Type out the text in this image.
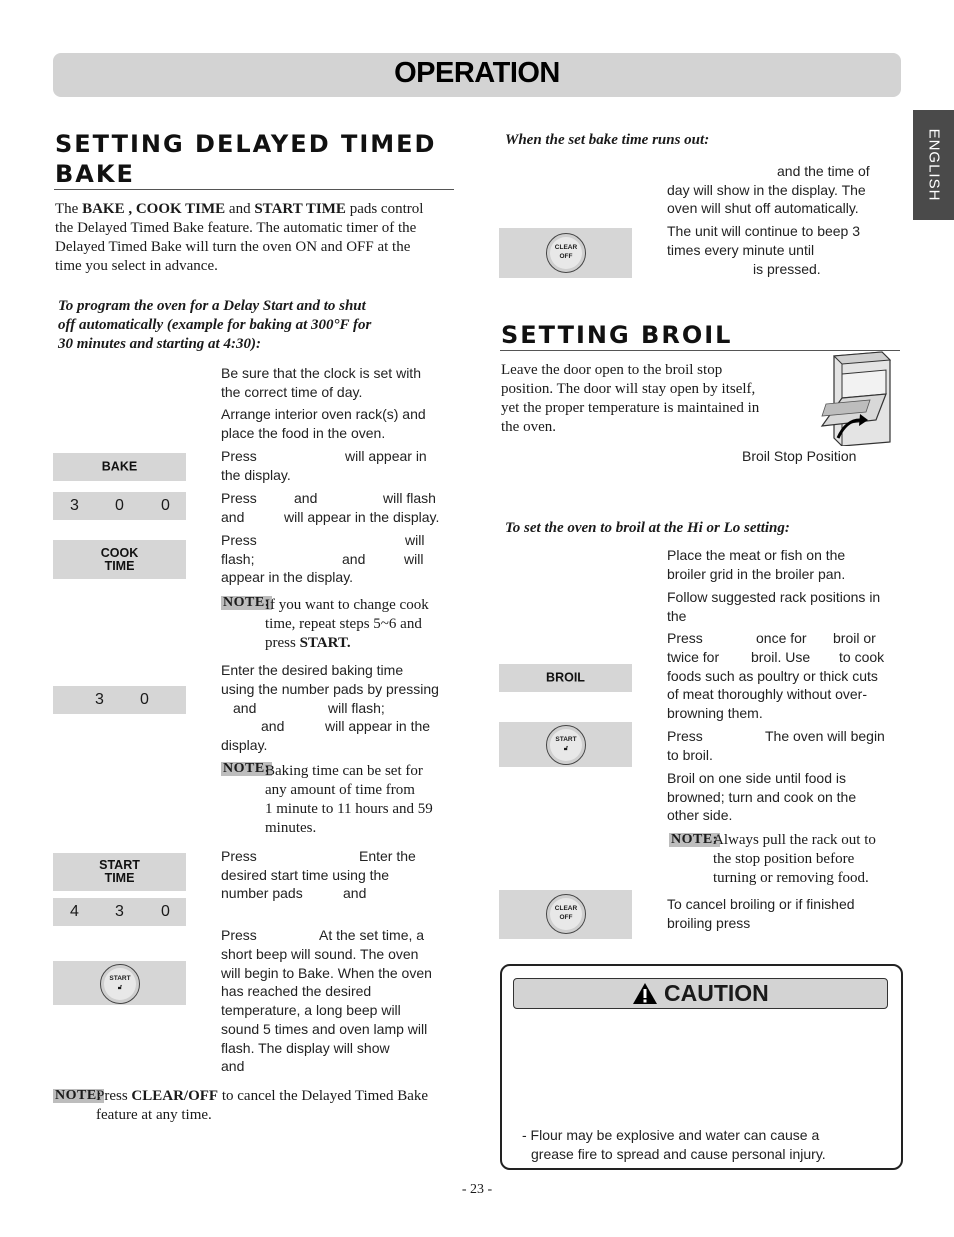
OPERATION
ENGLISH
SETTING DELAYED TIMED
BAKE
The BAKE , COOK TIME and START TIME pads control
the Delayed Timed Bake feature. The automatic timer of the
Delayed Timed Bake will turn the oven ON and OFF at the
time you select in advance.
To program the oven for a Delay Start and to shut
off automatically (example for baking at 300°F for
30 minutes and starting at 4:30):
Be sure that the clock is set with
the correct time of day.
Arrange interior oven rack(s) and
place the food in the oven.
Press	will appear in
the display.
Press	and	will flash
and	will appear in the display.
Press	will
flash;	and	will
appear in the display.
NOTE:
If you want to change cook
time, repeat steps 5~6 and
press START.
Enter the desired baking time
using the number pads by pressing
and	will flash;
and	will appear in the
display.
NOTE:
Baking time can be set for
any amount of time from
1 minute to 11 hours and 59
minutes.
Press	Enter the
desired start time using the
number pads	and
Press	At the set time, a
short beep will sound. The oven
will begin to Bake. When the oven
has reached the desired
temperature, a long beep will
sound 5 times and oven lamp will
flash. The display will show
and
BAKE
3 0 0
COOK
TIME
3 0
START
TIME
4 3 0
START
🔓︎
NOTE:
Press CLEAR/OFF to cancel the Delayed Timed Bake
feature at any time.
When the set bake time runs out:
and the time of
day will show in the display. The
oven will shut off automatically.
The unit will continue to beep 3
times every minute until
is pressed.
CLEAR
OFF
SETTING BROIL
Leave the door open to the broil stop
position. The door will stay open by itself,
yet the proper temperature is maintained in
the oven.
Broil Stop Position
To set the oven to broil at the Hi or Lo setting:
Place the meat or fish on the
broiler grid in the broiler pan.
Follow suggested rack positions in
the
Press	once for broil or
twice for broil. Use to cook
foods such as poultry or thick cuts
of meat thoroughly without over-
browning them.
Press	The oven will begin
to broil.
Broil on one side until food is
browned; turn and cook on the
other side.
NOTE:
Always pull the rack out to
the stop position before
turning or removing food.
To cancel broiling or if finished
broiling press
BROIL
START
🔓︎
CLEAR
OFF
CAUTION
- Flour may be explosive and water can cause a
grease fire to spread and cause personal injury.
- 23 -
